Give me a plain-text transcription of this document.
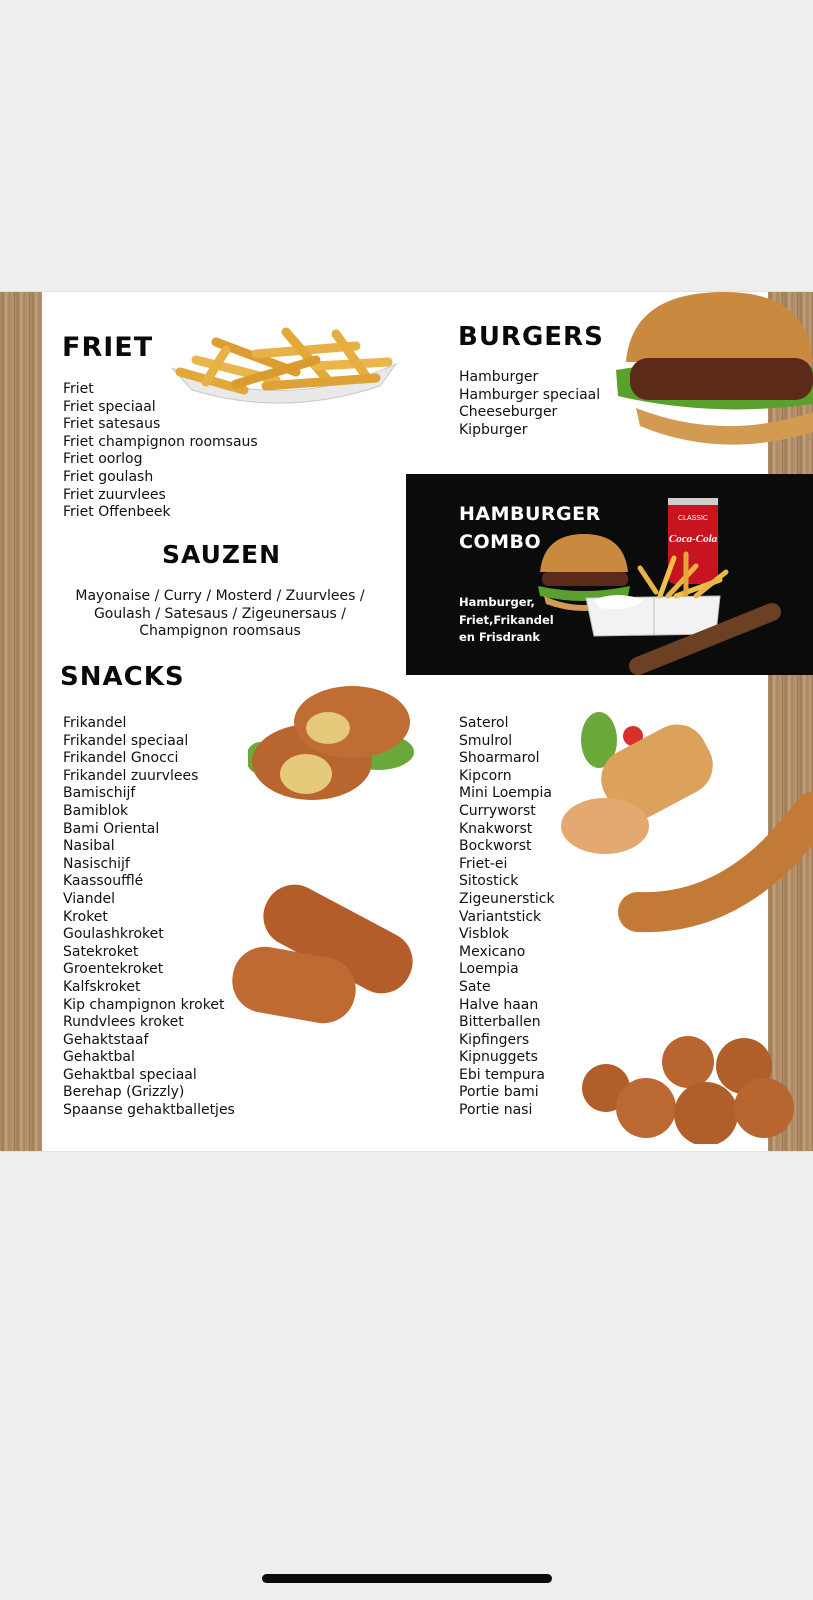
FRIET
Friet
Friet speciaal
Friet satesaus
Friet champignon roomsaus
Friet oorlog
Friet goulash
Friet zuurvlees
Friet Offenbeek
BURGERS
Hamburger
Hamburger speciaal
Cheeseburger
Kipburger

HAMBURGER
COMBO

Hamburger,
Friet,Frikandel
en Frisdrank

CLASSIC
Coca-Cola
SAUZEN

Mayonaise / Curry / Mosterd / Zuurvlees / Goulash / Satesaus / Zigeunersaus / Champignon roomsaus

SNACKS
Frikandel
Frikandel speciaal
Frikandel Gnocci
Frikandel zuurvlees
Bamischijf
Bamiblok
Bami Oriental
Nasibal
Nasischijf
Kaassoufflé
Viandel
Kroket
Goulashkroket
Satekroket
Groentekroket
Kalfskroket
Kip champignon kroket
Rundvlees kroket
Gehaktstaaf
Gehaktbal
Gehaktbal speciaal
Berehap (Grizzly)
Spaanse gehaktballetjes
Saterol
Smulrol
Shoarmarol
Kipcorn
Mini Loempia
Curryworst
Knakworst
Bockworst
Friet-ei
Sitostick
Zigeunerstick
Variantstick
Visblok
Mexicano
Loempia
Sate
Halve haan
Bitterballen
Kipfingers
Kipnuggets
Ebi tempura
Portie bami
Portie nasi
